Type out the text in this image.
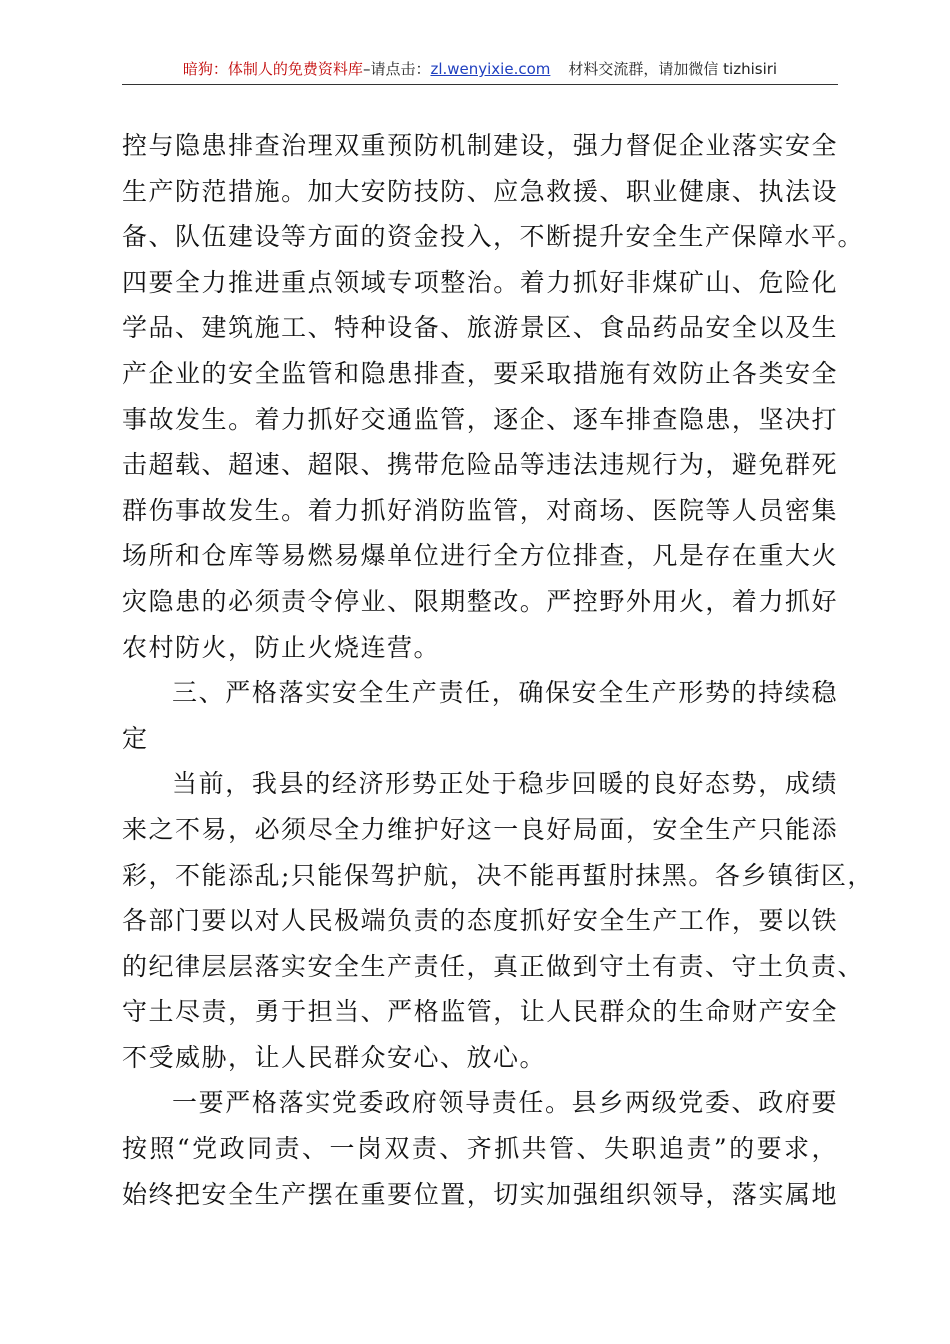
暗狗：体制人的免费资料库–请点击：zl.wenyixie.com 材料交流群，请加微信 tizhisiri
控与隐患排查治理双重预防机制建设，强力督促企业落实安全
生产防范措施。加大安防技防、应急救援、职业健康、执法设
备、队伍建设等方面的资金投入，不断提升安全生产保障水平。
四要全力推进重点领域专项整治。着力抓好非煤矿山、危险化
学品、建筑施工、特种设备、旅游景区、食品药品安全以及生
产企业的安全监管和隐患排查，要采取措施有效防止各类安全
事故发生。着力抓好交通监管，逐企、逐车排查隐患，坚决打
击超载、超速、超限、携带危险品等违法违规行为，避免群死
群伤事故发生。着力抓好消防监管，对商场、医院等人员密集
场所和仓库等易燃易爆单位进行全方位排查，凡是存在重大火
灾隐患的必须责令停业、限期整改。严控野外用火，着力抓好
农村防火，防止火烧连营。
三、严格落实安全生产责任，确保安全生产形势的持续稳
定
当前，我县的经济形势正处于稳步回暖的良好态势，成绩
来之不易，必须尽全力维护好这一良好局面，安全生产只能添
彩，不能添乱;只能保驾护航，决不能再蜇肘抹黑。各乡镇街区，
各部门要以对人民极端负责的态度抓好安全生产工作，要以铁
的纪律层层落实安全生产责任，真正做到守土有责、守土负责、
守土尽责，勇于担当、严格监管，让人民群众的生命财产安全
不受威胁，让人民群众安心、放心。
一要严格落实党委政府领导责任。县乡两级党委、政府要
按照“党政同责、一岗双责、齐抓共管、失职追责”的要求，
始终把安全生产摆在重要位置，切实加强组织领导，落实属地
